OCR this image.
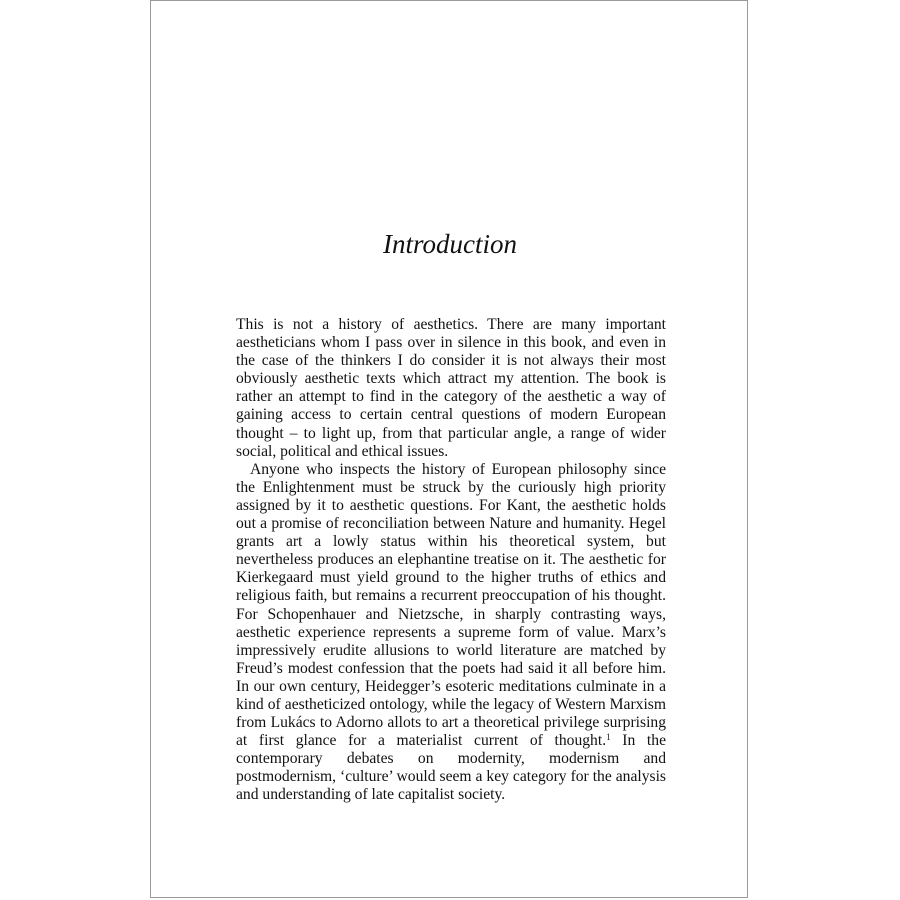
Introduction

This is not a history of aesthetics. There are many important aestheticians whom I pass over in silence in this book, and even in the case of the thinkers I do consider it is not always their most obviously aesthetic texts which attract my attention. The book is rather an attempt to find in the category of the aesthetic a way of gaining access to certain central questions of modern European thought – to light up, from that particular angle, a range of wider social, political and ethical issues.

Anyone who inspects the history of European philosophy since the Enlightenment must be struck by the curiously high priority assigned by it to aesthetic questions. For Kant, the aesthetic holds out a promise of reconciliation between Nature and humanity. Hegel grants art a lowly status within his theoretical system, but nevertheless produces an elephantine treatise on it. The aesthetic for Kierkegaard must yield ground to the higher truths of ethics and religious faith, but remains a recurrent preoccupation of his thought. For Schopenhauer and Nietzsche, in sharply contrasting ways, aesthetic experience represents a supreme form of value. Marx’s impressively erudite allusions to world literature are matched by Freud’s modest confession that the poets had said it all before him. In our own century, Heidegger’s esoteric meditations culminate in a kind of aestheticized ontology, while the legacy of Western Marxism from Lukács to Adorno allots to art a theoretical privilege surprising at first glance for a materialist current of thought.$^1$ In the contemporary debates on modernity, modernism and postmodernism, ‘culture’ would seem a key category for the analysis and understanding of late capitalist society.
